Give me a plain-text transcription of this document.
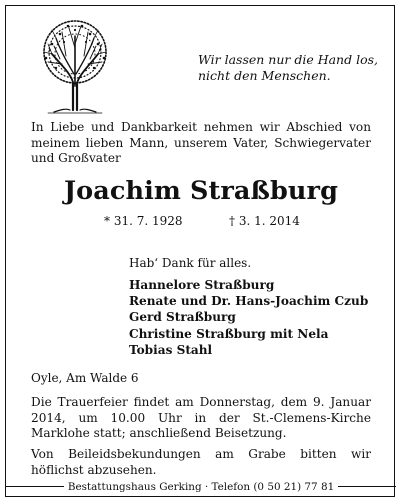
Wir lassen nur die Hand los,
nicht den Menschen.
In Liebe und Dankbarkeit nehmen wir Abschied von meinem lieben Mann, unserem Vater, Schwiegervater und Großvater
Joachim Straßburg
* 31. 7. 1928	† 3. 1. 2014
Hab‘ Dank für alles.
Hannelore Straßburg
Renate und Dr. Hans-Joachim Czub
Gerd Straßburg
Christine Straßburg mit Nela
Tobias Stahl
Oyle, Am Walde 6
Die Trauerfeier findet am Donnerstag, dem 9. Januar 2014, um 10.00 Uhr in der St.-Clemens-Kirche Marklohe statt; anschließend Beisetzung.
Von Beileidsbekundungen am Grabe bitten wir höflichst abzusehen.
Bestattungshaus Gerking · Telefon (0 50 21) 77 81
